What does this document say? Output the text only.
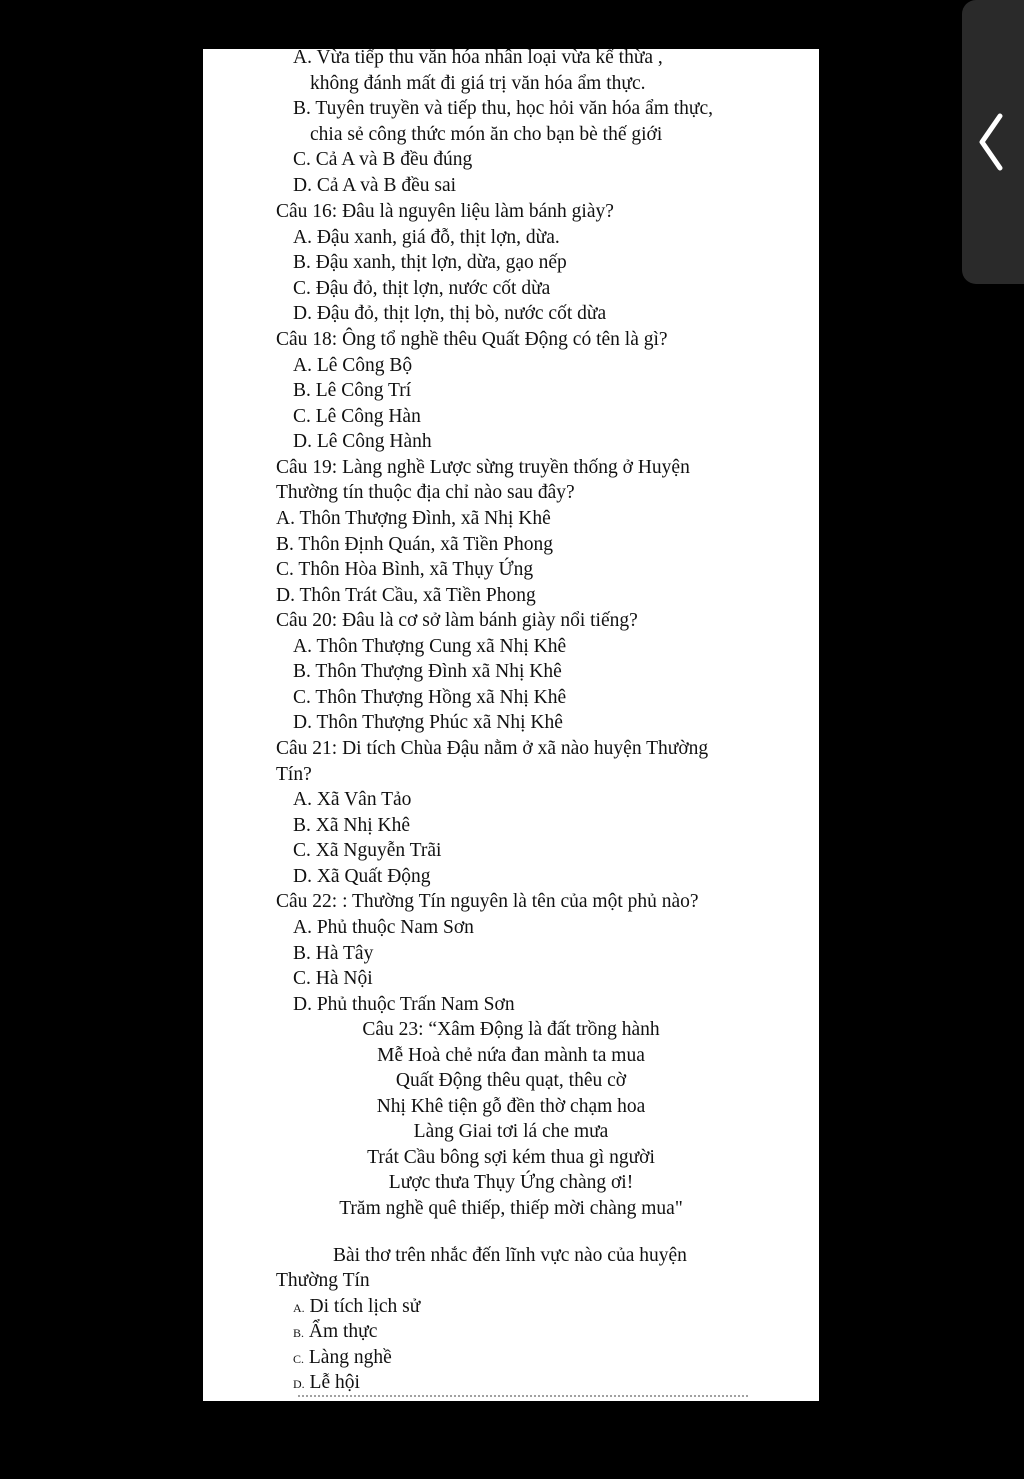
A. Vừa tiếp thu văn hóa nhân loại vừa kế thừa ,
không đánh mất đi giá trị văn hóa ẩm thực.
B. Tuyên truyền và tiếp thu, học hỏi văn hóa ẩm thực,
chia sẻ công thức món ăn cho bạn bè thế giới
C. Cả A và B đều đúng
D. Cả A và B đều sai
Câu 16: Đâu là nguyên liệu làm bánh giày?
A. Đậu xanh, giá đỗ, thịt lợn, dừa.
B. Đậu xanh, thịt lợn, dừa, gạo nếp
C. Đậu đỏ, thịt lợn, nước cốt dừa
D. Đậu đỏ, thịt lợn, thị bò, nước cốt dừa
Câu 18: Ông tổ nghề thêu Quất Động có tên là gì?
A. Lê Công Bộ
B. Lê Công Trí
C. Lê Công Hàn
D. Lê Công Hành
Câu 19: Làng nghề Lược sừng truyền thống ở Huyện
Thường tín thuộc địa chỉ nào sau đây?
A. Thôn Thượng Đình, xã Nhị Khê
B. Thôn Định Quán, xã Tiền Phong
C. Thôn Hòa Bình, xã Thụy Ứng
D. Thôn Trát Cầu, xã Tiền Phong
Câu 20: Đâu là cơ sở làm bánh giày nổi tiếng?
A. Thôn Thượng Cung xã Nhị Khê
B. Thôn Thượng Đình xã Nhị Khê
C. Thôn Thượng Hồng xã Nhị Khê
D. Thôn Thượng Phúc xã Nhị Khê
Câu 21: Di tích Chùa Đậu nằm ở xã nào huyện Thường
Tín?
A. Xã Vân Tảo
B. Xã Nhị Khê
C. Xã Nguyễn Trãi
D. Xã Quất Động
Câu 22: : Thường Tín nguyên là tên của một phủ nào?
A. Phủ thuộc Nam Sơn
B. Hà Tây
C. Hà Nội
D. Phủ thuộc Trấn Nam Sơn
Câu 23: “Xâm Động là đất trồng hành
Mễ Hoà chẻ nứa đan mành ta mua
Quất Động thêu quạt, thêu cờ
Nhị Khê tiện gỗ đền thờ chạm hoa
Làng Giai tơi lá che mưa
Trát Cầu bông sợi kém thua gì người
Lược thưa Thụy Ứng chàng ơi!
Trăm nghề quê thiếp, thiếp mời chàng mua"
Bài thơ trên nhắc đến lĩnh vực nào của huyện
Thường Tín
A. Di tích lịch sử
B. Ẩm thực
C. Làng nghề
D. Lễ hội
